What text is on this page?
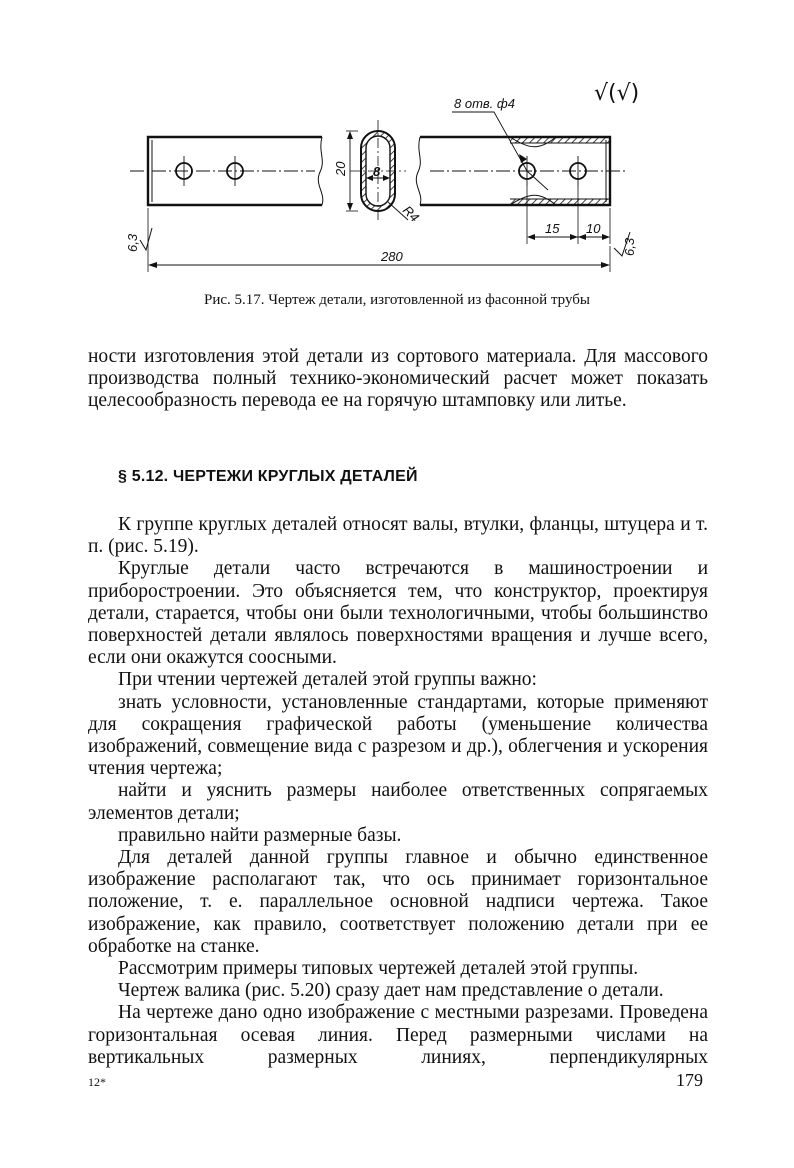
8 отв. ф4	√(√)
20 8
R4
15 10
280
6,3	6,3
Рис. 5.17. Чертеж детали, изготовленной из фасонной трубы

ности изготовления этой детали из сортового материала. Для массового производства полный технико-экономический расчет может показать целесообразность перевода ее на горячую штамповку или литье.

§ 5.12. ЧЕРТЕЖИ КРУГЛЫХ ДЕТАЛЕЙ

К группе круглых деталей относят валы, втулки, фланцы, штуцера и т. п. (рис. 5.19).

Круглые детали часто встречаются в машиностроении и приборостроении. Это объясняется тем, что конструктор, проектируя детали, старается, чтобы они были технологичными, чтобы большинство поверхностей детали являлось поверхностями вращения и лучше всего, если они окажутся соосными.

При чтении чертежей деталей этой группы важно:

знать условности, установленные стандартами, которые применяют для сокращения графической работы (уменьшение количества изображений, совмещение вида с разрезом и др.), облегчения и ускорения чтения чертежа;

найти и уяснить размеры наиболее ответственных сопрягаемых элементов детали;

правильно найти размерные базы.

Для деталей данной группы главное и обычно единственное изображение располагают так, что ось принимает горизонтальное положение, т. е. параллельное основной надписи чертежа. Такое изображение, как правило, соответствует положению детали при ее обработке на станке.

Рассмотрим примеры типовых чертежей деталей этой группы.

Чертеж валика (рис. 5.20) сразу дает нам представление о детали.

На чертеже дано одно изображение с местными разрезами. Проведена горизонтальная осевая линия. Перед размерными числами на вертикальных размерных линиях, перпендикулярных

12*	179
